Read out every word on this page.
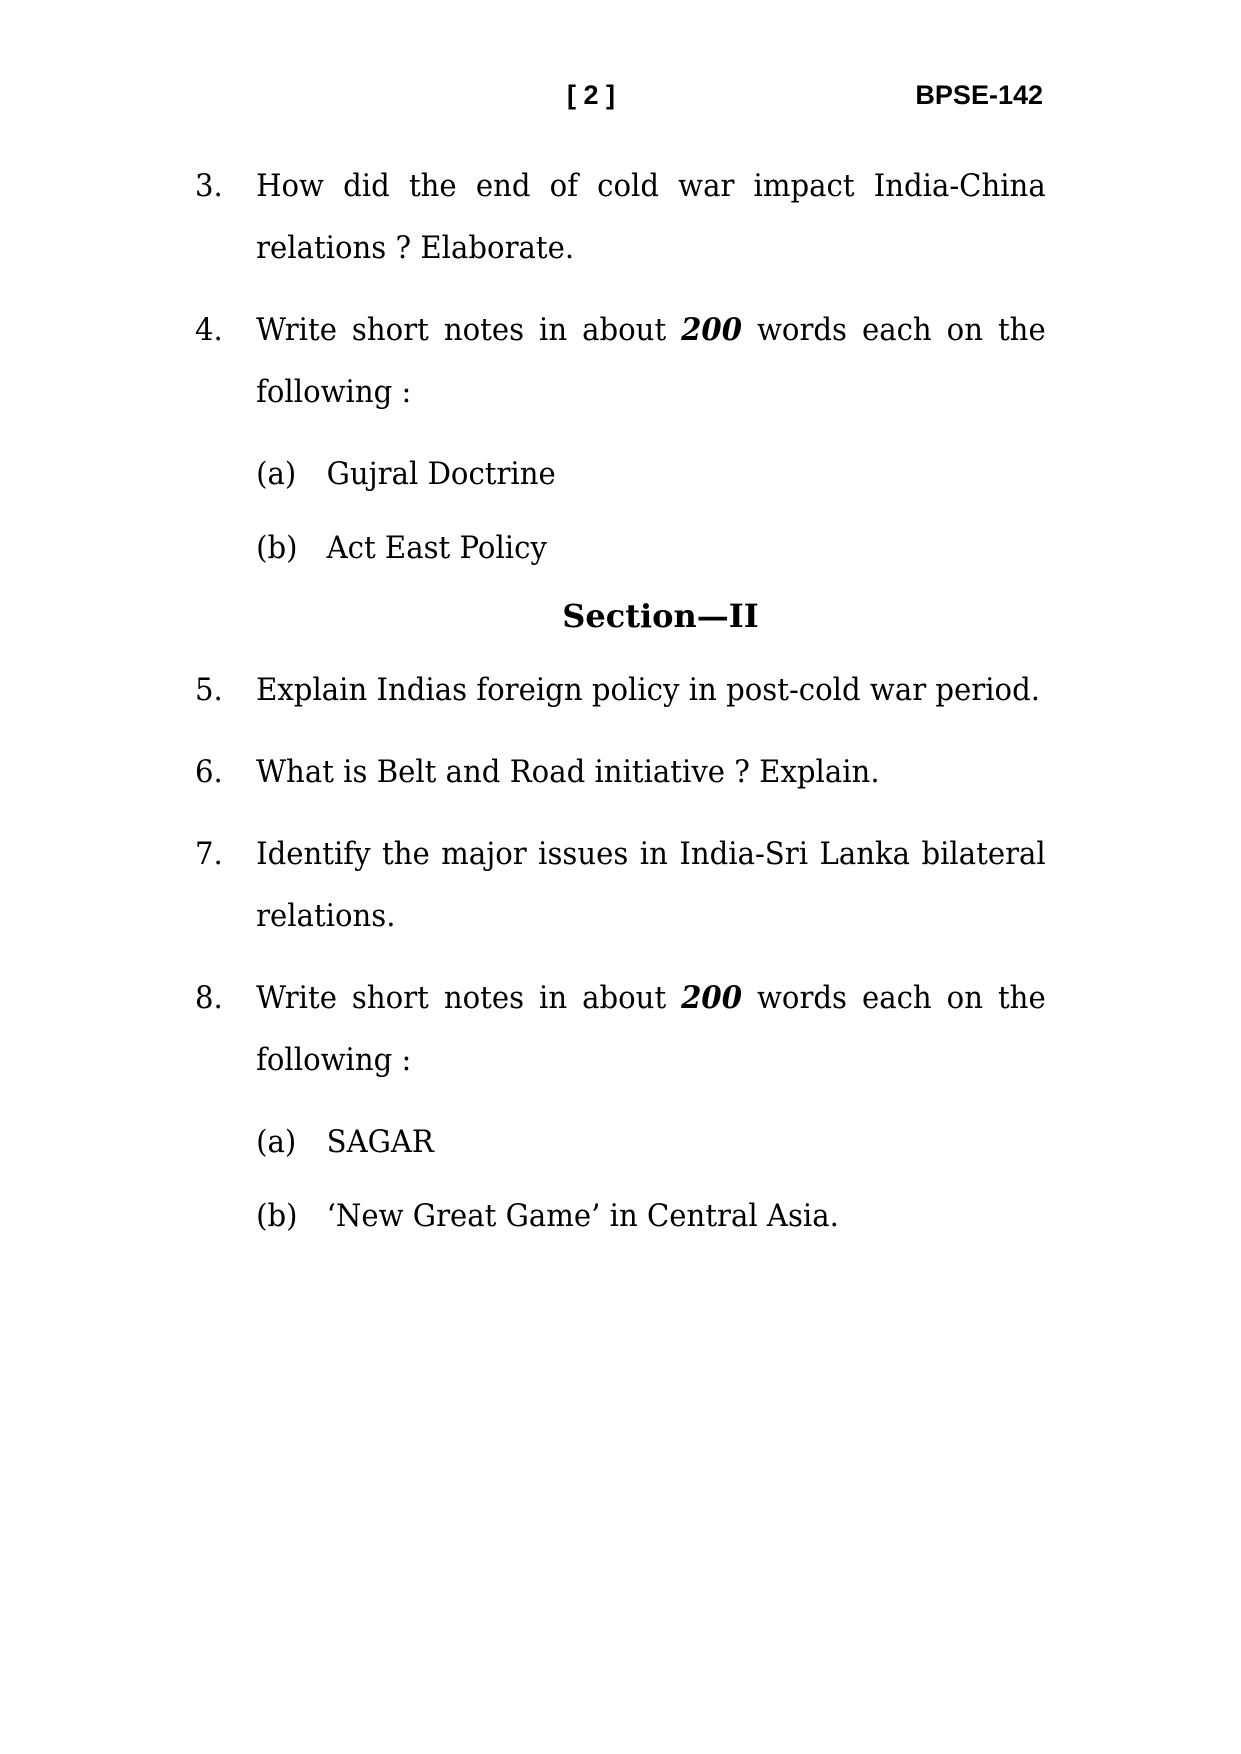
[ 2 ]	BPSE-142
3. How did the end of cold war impact India-China relations ? Elaborate.
4. Write short notes in about 200 words each on the following :
(a) Gujral Doctrine
(b) Act East Policy
Section—II
5. Explain Indias foreign policy in post-cold war period.
6. What is Belt and Road initiative ? Explain.
7. Identify the major issues in India-Sri Lanka bilateral relations.
8. Write short notes in about 200 words each on the following :
(a) SAGAR
(b) ‘New Great Game’ in Central Asia.
